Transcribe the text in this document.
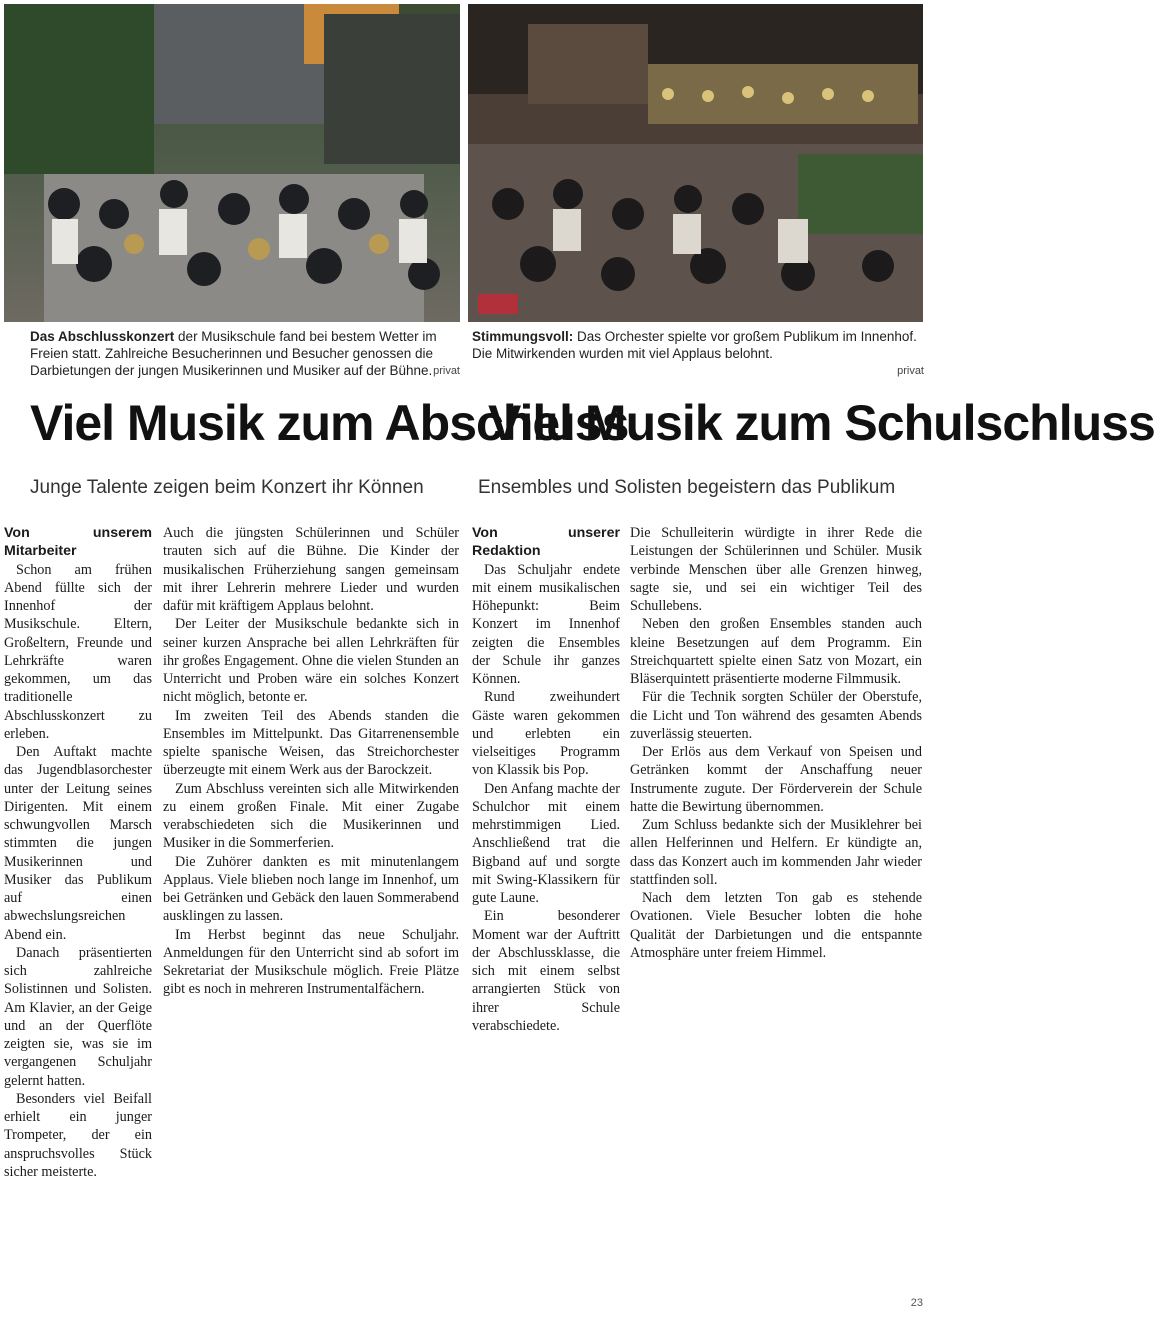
Das Abschlusskonzert der Musikschule fand bei bestem Wetter im Freien statt. Zahlreiche Besucherinnen und Besucher genossen die Darbietungen der jungen Musikerinnen und Musiker auf der Bühne. privat
Stimmungsvoll: Das Orchester spielte vor großem Publikum im Innenhof. Die Mitwirkenden wurden mit viel Applaus belohnt.
privat
Viel Musik zum Abschluss
Viel Musik zum Schulschluss
Junge Talente zeigen beim Konzert ihr Können	Ensembles und Solisten begeistern das Publikum

Von unserem Mitarbeiter

Schon am frühen Abend füllte sich der Innenhof der Musikschule. Eltern, Großeltern, Freunde und Lehrkräfte waren gekommen, um das traditionelle Abschlusskonzert zu erleben.

Den Auftakt machte das Jugendblasorchester unter der Leitung seines Dirigenten. Mit einem schwungvollen Marsch stimmten die jungen Musikerinnen und Musiker das Publikum auf einen abwechslungsreichen Abend ein.

Danach präsentierten sich zahlreiche Solistinnen und Solisten. Am Klavier, an der Geige und an der Querflöte zeigten sie, was sie im vergangenen Schuljahr gelernt hatten.

Besonders viel Beifall erhielt ein junger Trompeter, der ein anspruchsvolles Stück sicher meisterte.

Auch die jüngsten Schülerinnen und Schüler trauten sich auf die Bühne. Die Kinder der musikalischen Früherziehung sangen gemeinsam mit ihrer Lehrerin mehrere Lieder und wurden dafür mit kräftigem Applaus belohnt.

Der Leiter der Musikschule bedankte sich in seiner kurzen Ansprache bei allen Lehrkräften für ihr großes Engagement. Ohne die vielen Stunden an Unterricht und Proben wäre ein solches Konzert nicht möglich, betonte er.

Im zweiten Teil des Abends standen die Ensembles im Mittelpunkt. Das Gitarrenensemble spielte spanische Weisen, das Streichorchester überzeugte mit einem Werk aus der Barockzeit.

Zum Abschluss vereinten sich alle Mitwirkenden zu einem großen Finale. Mit einer Zugabe verabschiedeten sich die Musikerinnen und Musiker in die Sommerferien.

Die Zuhörer dankten es mit minutenlangem Applaus. Viele blieben noch lange im Innenhof, um bei Getränken und Gebäck den lauen Sommerabend ausklingen zu lassen.

Im Herbst beginnt das neue Schuljahr. Anmeldungen für den Unterricht sind ab sofort im Sekretariat der Musikschule möglich. Freie Plätze gibt es noch in mehreren Instrumentalfächern.

Von unserer Redaktion

Das Schuljahr endete mit einem musikalischen Höhepunkt: Beim Konzert im Innenhof zeigten die Ensembles der Schule ihr ganzes Können.

Rund zweihundert Gäste waren gekommen und erlebten ein vielseitiges Programm von Klassik bis Pop.

Den Anfang machte der Schulchor mit einem mehrstimmigen Lied. Anschließend trat die Bigband auf und sorgte mit Swing-Klassikern für gute Laune.

Ein besonderer Moment war der Auftritt der Abschlussklasse, die sich mit einem selbst arrangierten Stück von ihrer Schule verabschiedete.

Die Schulleiterin würdigte in ihrer Rede die Leistungen der Schülerinnen und Schüler. Musik verbinde Menschen über alle Grenzen hinweg, sagte sie, und sei ein wichtiger Teil des Schullebens.

Neben den großen Ensembles standen auch kleine Besetzungen auf dem Programm. Ein Streichquartett spielte einen Satz von Mozart, ein Bläserquintett präsentierte moderne Filmmusik.

Für die Technik sorgten Schüler der Oberstufe, die Licht und Ton während des gesamten Abends zuverlässig steuerten.

Der Erlös aus dem Verkauf von Speisen und Getränken kommt der Anschaffung neuer Instrumente zugute. Der Förderverein der Schule hatte die Bewirtung übernommen.

Zum Schluss bedankte sich der Musiklehrer bei allen Helferinnen und Helfern. Er kündigte an, dass das Konzert auch im kommenden Jahr wieder stattfinden soll.

Nach dem letzten Ton gab es stehende Ovationen. Viele Besucher lobten die hohe Qualität der Darbietungen und die entspannte Atmosphäre unter freiem Himmel.

23
